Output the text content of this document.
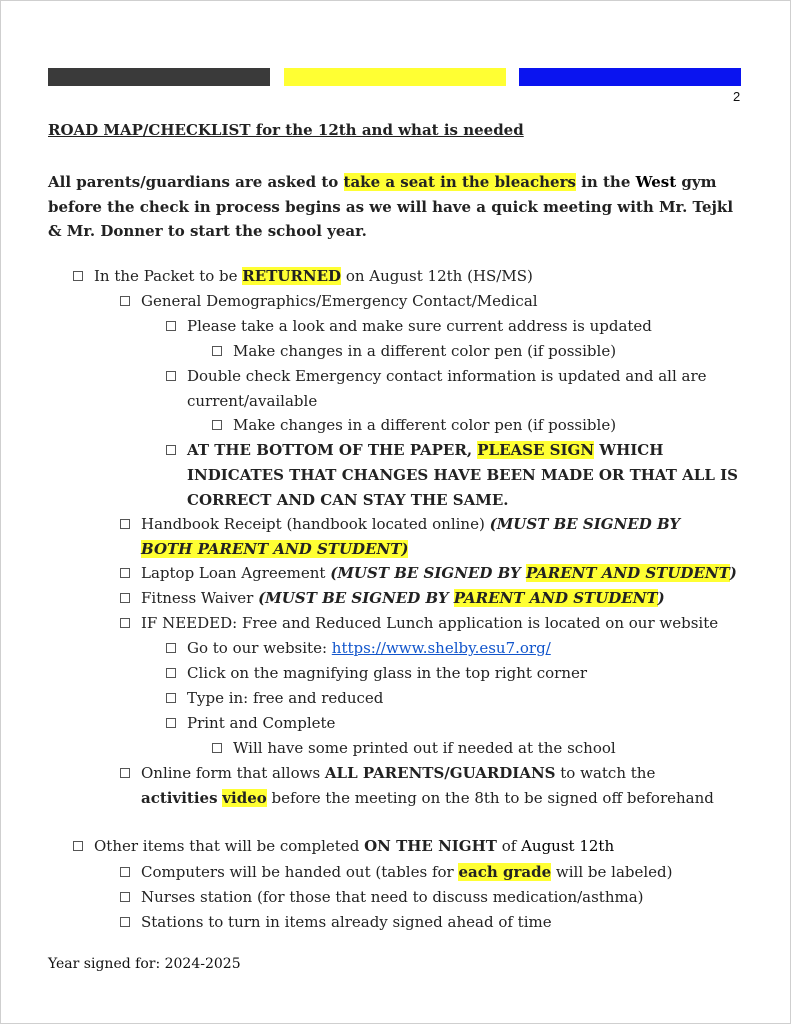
2
ROAD MAP/CHECKLIST for the 12th and what is needed
All parents/guardians are asked to take a seat in the bleachers in the West gym before the check in process begins as we will have a quick meeting with Mr. Tejkl & Mr. Donner to start the school year.
In the Packet to be RETURNED on August 12th (HS/MS)
General Demographics/Emergency Contact/Medical
Please take a look and make sure current address is updated
Make changes in a different color pen (if possible)
Double check Emergency contact information is updated and all are current/available
Make changes in a different color pen (if possible)
AT THE BOTTOM OF THE PAPER, PLEASE SIGN WHICH INDICATES THAT CHANGES HAVE BEEN MADE OR THAT ALL IS CORRECT AND CAN STAY THE SAME.
Handbook Receipt (handbook located online) (MUST BE SIGNED BY
BOTH PARENT AND STUDENT)
Laptop Loan Agreement (MUST BE SIGNED BY PARENT AND STUDENT)
Fitness Waiver (MUST BE SIGNED BY PARENT AND STUDENT)
IF NEEDED: Free and Reduced Lunch application is located on our website
Go to our website: https://www.shelby.esu7.org/
Click on the magnifying glass in the top right corner
Type in: free and reduced
Print and Complete
Will have some printed out if needed at the school
Online form that allows ALL PARENTS/GUARDIANS to watch the
activities video before the meeting on the 8th to be signed off beforehand
Other items that will be completed ON THE NIGHT of August 12th
Computers will be handed out (tables for each grade will be labeled)
Nurses station (for those that need to discuss medication/asthma)
Stations to turn in items already signed ahead of time
Year signed for: 2024-2025
